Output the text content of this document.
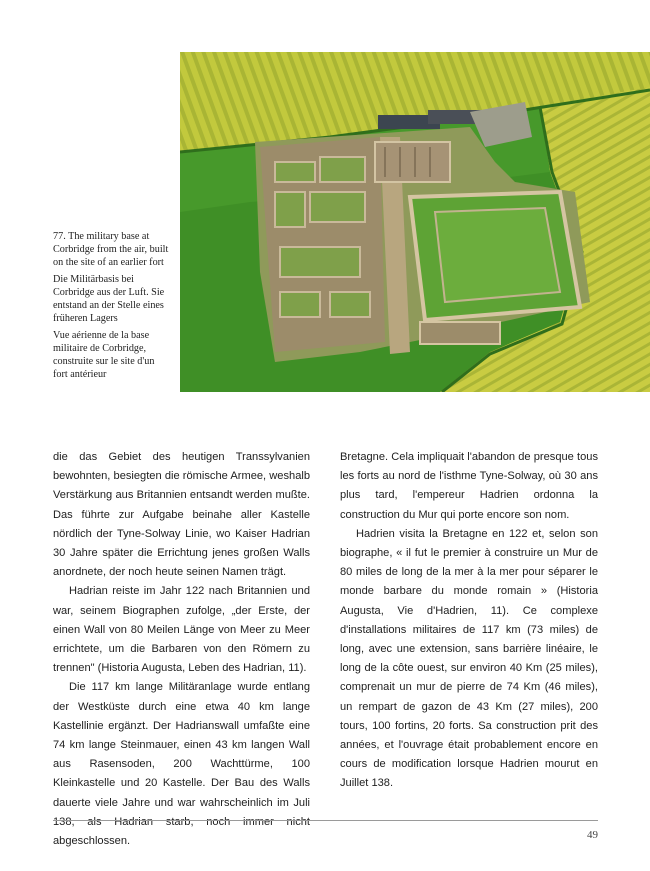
77. The military base at Corbridge from the air, built on the site of an earlier fort

Die Militärbasis bei Corbridge aus der Luft. Sie entstand an der Stelle eines früheren Lagers

Vue aérienne de la base militaire de Corbridge, construite sur le site d'un fort antérieur

die das Gebiet des heutigen Transsylvanien bewohnten, besiegten die römische Armee, weshalb Verstärkung aus Britannien entsandt werden mußte. Das führte zur Aufgabe beinahe aller Kastelle nördlich der Tyne-Solway Linie, wo Kaiser Hadrian 30 Jahre später die Errichtung jenes großen Walls anordnete, der noch heute seinen Namen trägt.

Hadrian reiste im Jahr 122 nach Britannien und war, seinem Biographen zufolge, „der Erste, der einen Wall von 80 Meilen Länge von Meer zu Meer errichtete, um die Barbaren von den Römern zu trennen" (Historia Augusta, Leben des Hadrian, 11).

Die 117 km lange Militäranlage wurde entlang der Westküste durch eine etwa 40 km lange Kastellinie ergänzt. Der Hadrianswall umfaßte eine 74 km lange Steinmauer, einen 43 km langen Wall aus Rasensoden, 200 Wachttürme, 100 Kleinkastelle und 20 Kastelle. Der Bau des Walls dauerte viele Jahre und war wahrscheinlich im Juli 138, als Hadrian starb, noch immer nicht abgeschlossen.

Bretagne. Cela impliquait l'abandon de presque tous les forts au nord de l'isthme Tyne-Solway, où 30 ans plus tard, l'empereur Hadrien ordonna la construction du Mur qui porte encore son nom.

Hadrien visita la Bretagne en 122 et, selon son biographe, « il fut le premier à construire un Mur de 80 miles de long de la mer à la mer pour séparer le monde barbare du monde romain » (Historia Augusta, Vie d'Hadrien, 11). Ce complexe d'installations militaires de 117 km (73 miles) de long, avec une extension, sans barrière linéaire, le long de la côte ouest, sur environ 40 Km (25 miles), comprenait un mur de pierre de 74 Km (46 miles), un rempart de gazon de 43 Km (27 miles), 200 tours, 100 fortins, 20 forts. Sa construction prit des années, et l'ouvrage était probablement encore en cours de modification lorsque Hadrien mourut en Juillet 138.

49
